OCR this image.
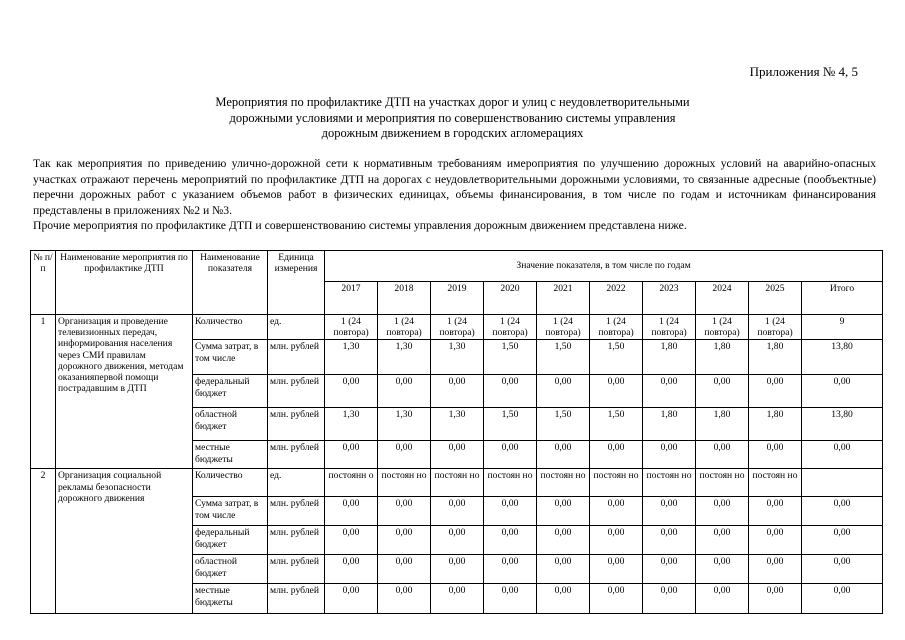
Приложения № 4, 5
Мероприятия по профилактике ДТП на участках дорог и улиц с неудовлетворительными
дорожными условиями и мероприятия по совершенствованию системы управления
дорожным движением в городских агломерациях

Так как мероприятия по приведению улично-дорожной сети к нормативным требованиям имероприятия по улучшению дорожных условий на аварийно-опасных участках отражают перечень мероприятий по профилактике ДТП на дорогах с неудовлетворительными дорожными условиями, то связанные адресные (пообъектные) перечни дорожных работ с указанием объемов работ в физических единицах, объемы финансирования, в том числе по годам и источникам финансирования представлены в приложениях №2 и №3.

Прочие мероприятия по профилактике ДТП и совершенствованию системы управления дорожным движением представлена ниже.

№ п/п	Наименование мероприятия по профилактике ДТП	Наименование показателя	Единица измерения	Значение показателя, в том числе по годам									
				2017	2018	2019	2020	2021	2022	2023	2024	2025	Итого
1	Организация и проведение телевизионных передач, информирования населения через СМИ правилам дорожного движения, методам оказанияпервой помощи пострадавшим в ДТП	Количество	ед.	1 (24 повтора)	1 (24 повтора)	1 (24 повтора)	1 (24 повтора)	1 (24 повтора)	1 (24 повтора)	1 (24 повтора)	1 (24 повтора)	1 (24 повтора)	9
		Сумма затрат, в том числе	млн. рублей	1,30	1,30	1,30	1,50	1,50	1,50	1,80	1,80	1,80	13,80
		федеральный бюджет	млн. рублей	0,00	0,00	0,00	0,00	0,00	0,00	0,00	0,00	0,00	0,00
		областной бюджет	млн. рублей	1,30	1,30	1,30	1,50	1,50	1,50	1,80	1,80	1,80	13,80
		местные бюджеты	млн. рублей	0,00	0,00	0,00	0,00	0,00	0,00	0,00	0,00	0,00	0,00
2	Организация социальной рекламы безопасности дорожного движения	Количество	ед.	постоянн о	постоян но	постоян но	постоян но	постоян но	постоян но	постоян но	постоян но	постоян но	
		Сумма затрат, в том числе	млн. рублей	0,00	0,00	0,00	0,00	0,00	0,00	0,00	0,00	0,00	0,00
		федеральный бюджет	млн. рублей	0,00	0,00	0,00	0,00	0,00	0,00	0,00	0,00	0,00	0,00
		областной бюджет	млн. рублей	0,00	0,00	0,00	0,00	0,00	0,00	0,00	0,00	0,00	0,00
		местные бюджеты	млн. рублей	0,00	0,00	0,00	0,00	0,00	0,00	0,00	0,00	0,00	0,00
